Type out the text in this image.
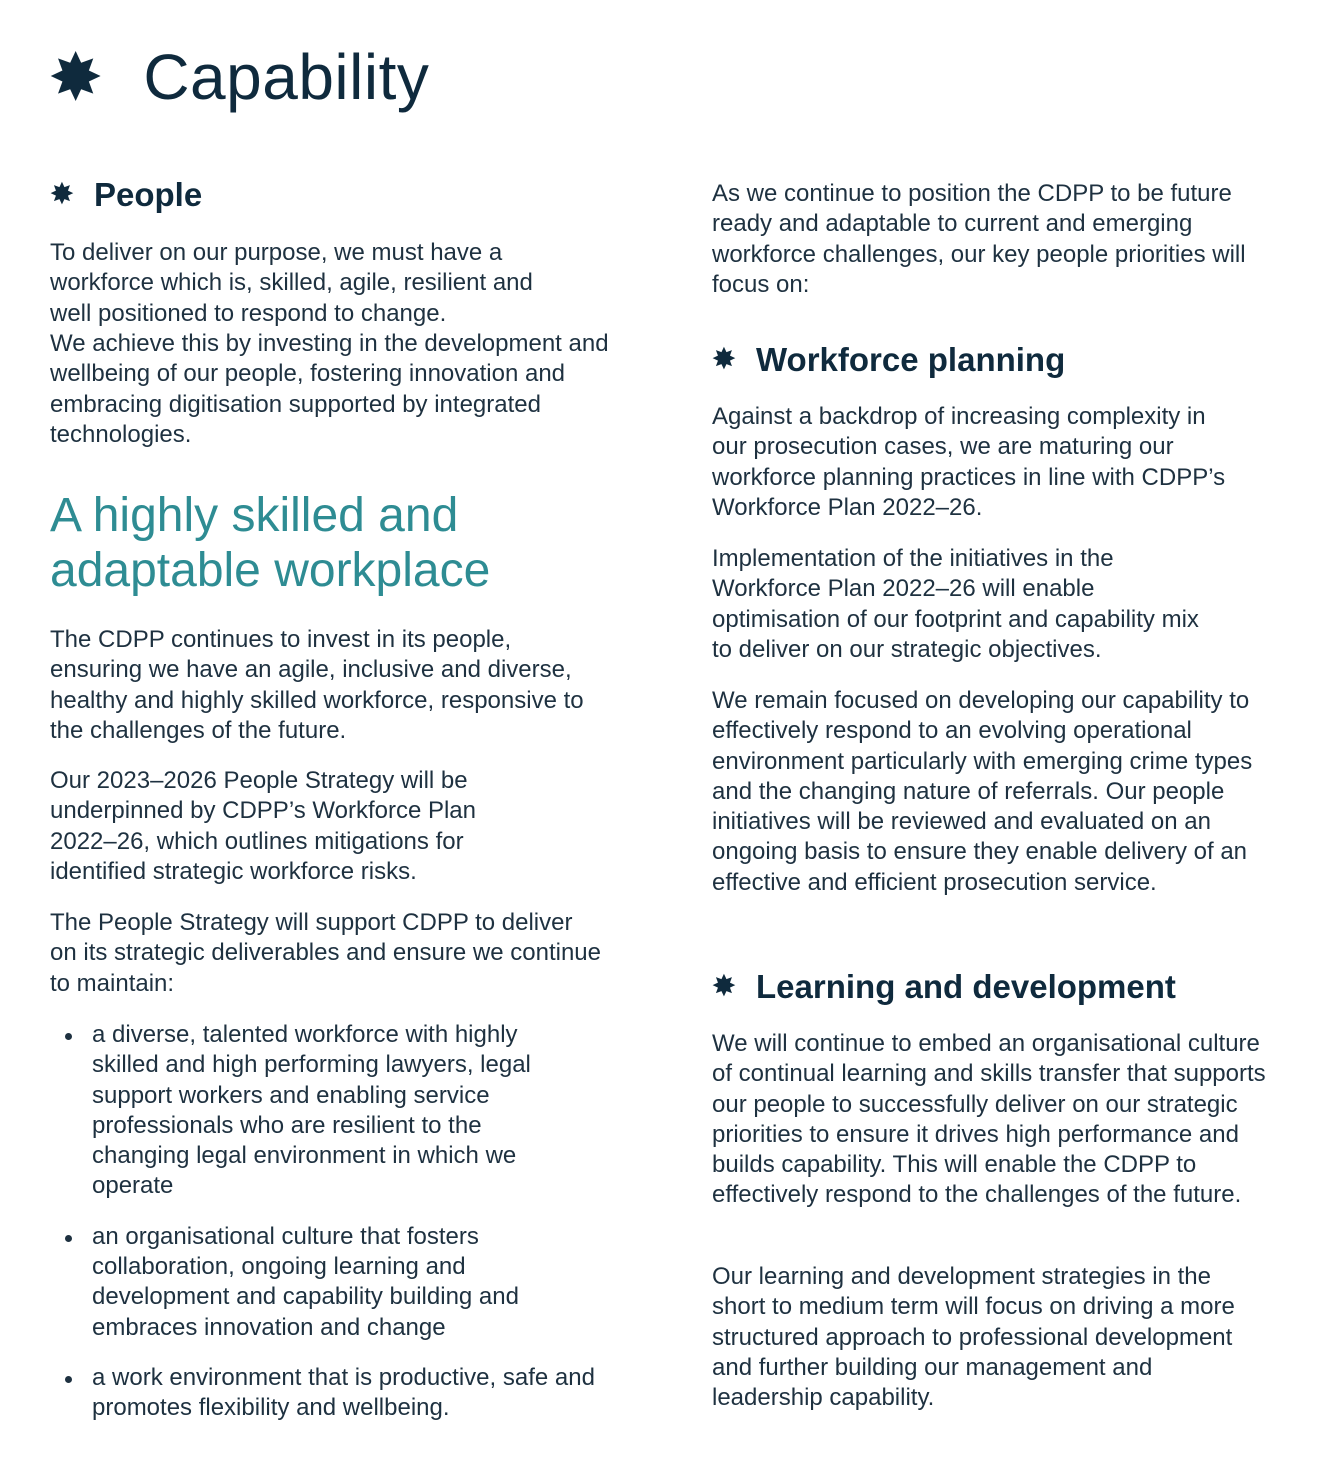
✸ Capability
✸ People

To deliver on our purpose, we must have a workforce which is, skilled, agile, resilient and well positioned to respond to change.

We achieve this by investing in the development and wellbeing of our people, fostering innovation and embracing digitisation supported by integrated technologies.

A highly skilled and
adaptable workplace

The CDPP continues to invest in its people, ensuring we have an agile, inclusive and diverse, healthy and highly skilled workforce, responsive to the challenges of the future.

Our 2023–2026 People Strategy will be underpinned by CDPP’s Workforce Plan 2022–26, which outlines mitigations for identified strategic workforce risks.

The People Strategy will support CDPP to deliver on its strategic deliverables and ensure we continue to maintain:

a diverse, talented workforce with highly skilled and high performing lawyers, legal support workers and enabling service professionals who are resilient to the changing legal environment in which we operate
an organisational culture that fosters collaboration, ongoing learning and development and capability building and embraces innovation and change
a work environment that is productive, safe and promotes flexibility and wellbeing.

As we continue to position the CDPP to be future ready and adaptable to current and emerging workforce challenges, our key people priorities will focus on:

✸ Workforce planning

Against a backdrop of increasing complexity in our prosecution cases, we are maturing our workforce planning practices in line with CDPP’s Workforce Plan 2022–26.

Implementation of the initiatives in the Workforce Plan 2022–26 will enable optimisation of our footprint and capability mix to deliver on our strategic objectives.

We remain focused on developing our capability to effectively respond to an evolving operational environment particularly with emerging crime types and the changing nature of referrals. Our people initiatives will be reviewed and evaluated on an ongoing basis to ensure they enable delivery of an effective and efficient prosecution service.

✸ Learning and development

We will continue to embed an organisational culture of continual learning and skills transfer that supports our people to successfully deliver on our strategic priorities to ensure it drives high performance and builds capability. This will enable the CDPP to effectively respond to the challenges of the future.

Our learning and development strategies in the short to medium term will focus on driving a more structured approach to professional development and further building our management and leadership capability.
